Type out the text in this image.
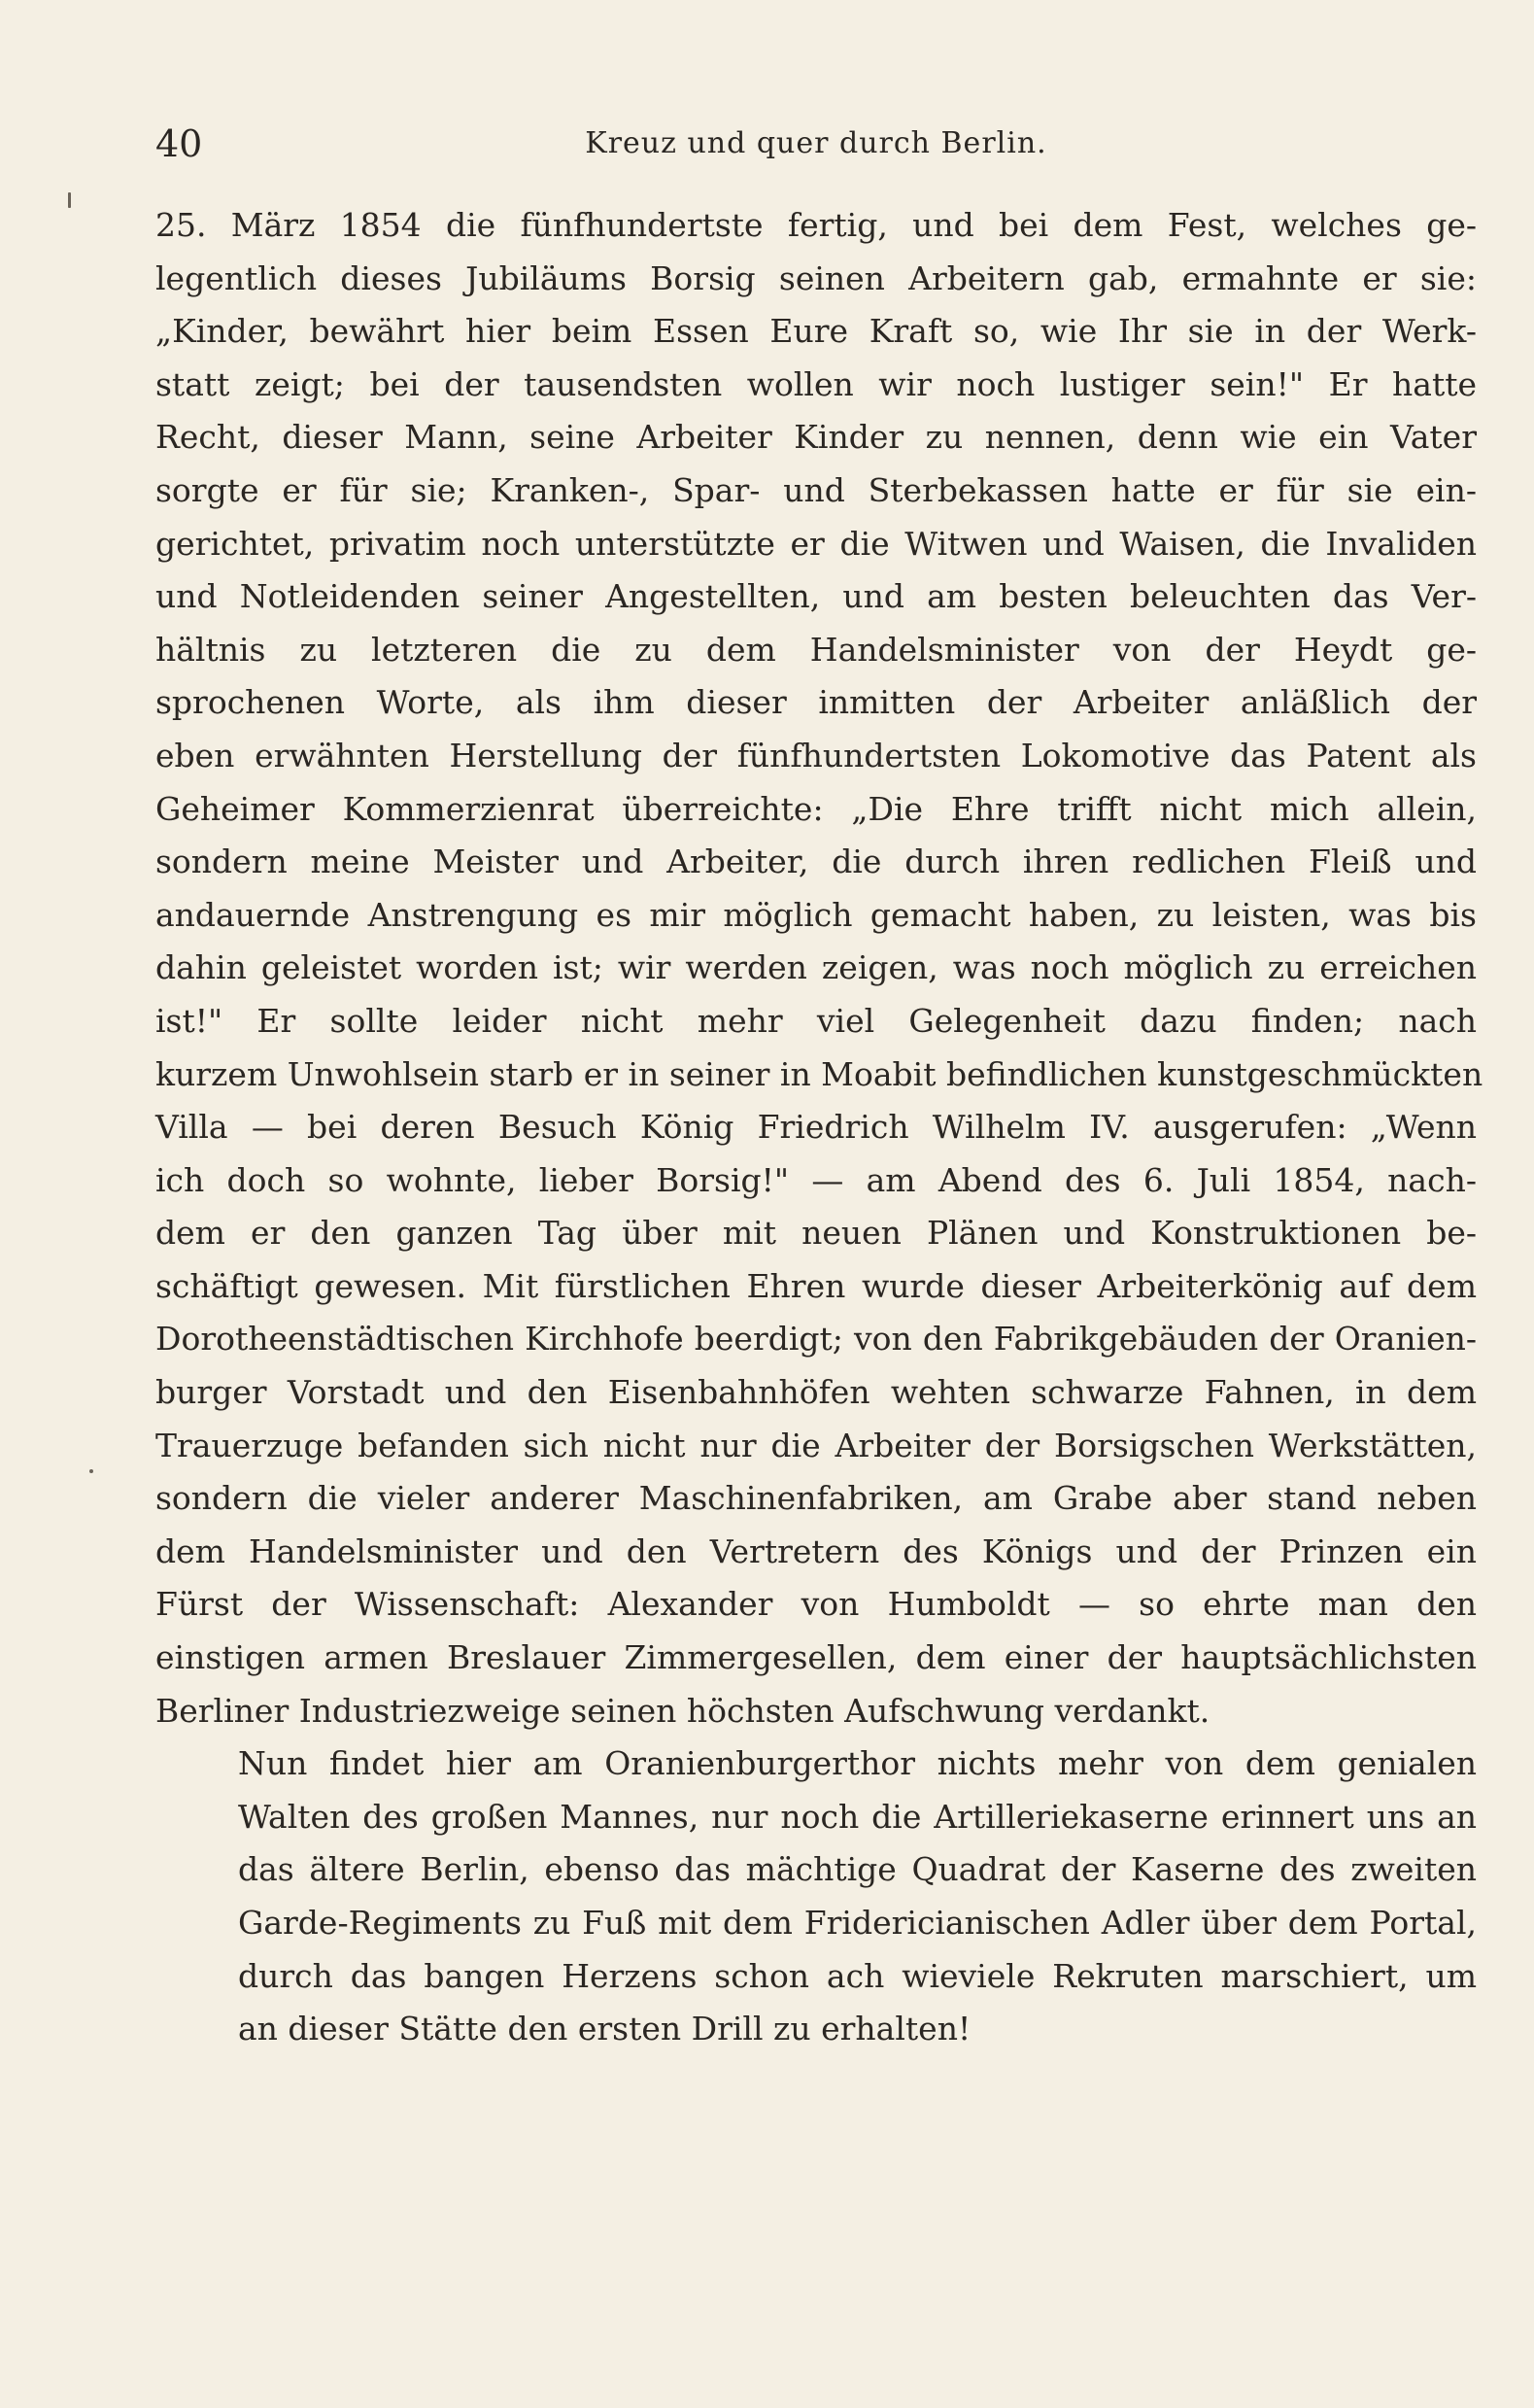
40	Kreuz und quer durch Berlin.

25. März 1854 die fünfhundertste fertig, und bei dem Fest, welches ge-
legentlich dieses Jubiläums Borsig seinen Arbeitern gab, ermahnte er sie:
„Kinder, bewährt hier beim Essen Eure Kraft so, wie Ihr sie in der Werk-
statt zeigt; bei der tausendsten wollen wir noch lustiger sein!" Er hatte
Recht, dieser Mann, seine Arbeiter Kinder zu nennen, denn wie ein Vater
sorgte er für sie; Kranken-, Spar- und Sterbekassen hatte er für sie ein-
gerichtet, privatim noch unterstützte er die Witwen und Waisen, die Invaliden
und Notleidenden seiner Angestellten, und am besten beleuchten das Ver-
hältnis zu letzteren die zu dem Handelsminister von der Heydt ge-
sprochenen Worte, als ihm dieser inmitten der Arbeiter anläßlich der
eben erwähnten Herstellung der fünfhundertsten Lokomotive das Patent als
Geheimer Kommerzienrat überreichte: „Die Ehre trifft nicht mich allein,
sondern meine Meister und Arbeiter, die durch ihren redlichen Fleiß und
andauernde Anstrengung es mir möglich gemacht haben, zu leisten, was bis
dahin geleistet worden ist; wir werden zeigen, was noch möglich zu erreichen
ist!" Er sollte leider nicht mehr viel Gelegenheit dazu finden; nach
kurzem Unwohlsein starb er in seiner in Moabit befindlichen kunstgeschmückten
Villa — bei deren Besuch König Friedrich Wilhelm IV. ausgerufen: „Wenn
ich doch so wohnte, lieber Borsig!" — am Abend des 6. Juli 1854, nach-
dem er den ganzen Tag über mit neuen Plänen und Konstruktionen be-
schäftigt gewesen. Mit fürstlichen Ehren wurde dieser Arbeiterkönig auf dem
Dorotheenstädtischen Kirchhofe beerdigt; von den Fabrikgebäuden der Oranien-
burger Vorstadt und den Eisenbahnhöfen wehten schwarze Fahnen, in dem
Trauerzuge befanden sich nicht nur die Arbeiter der Borsigschen Werkstätten,
sondern die vieler anderer Maschinenfabriken, am Grabe aber stand neben
dem Handelsminister und den Vertretern des Königs und der Prinzen ein
Fürst der Wissenschaft: Alexander von Humboldt — so ehrte man den
einstigen armen Breslauer Zimmergesellen, dem einer der hauptsächlichsten
Berliner Industriezweige seinen höchsten Aufschwung verdankt.

Nun findet hier am Oranienburgerthor nichts mehr von dem genialen
Walten des großen Mannes, nur noch die Artilleriekaserne erinnert uns an
das ältere Berlin, ebenso das mächtige Quadrat der Kaserne des zweiten
Garde-Regiments zu Fuß mit dem Fridericianischen Adler über dem Portal,
durch das bangen Herzens schon ach wieviele Rekruten marschiert, um
an dieser Stätte den ersten Drill zu erhalten!
